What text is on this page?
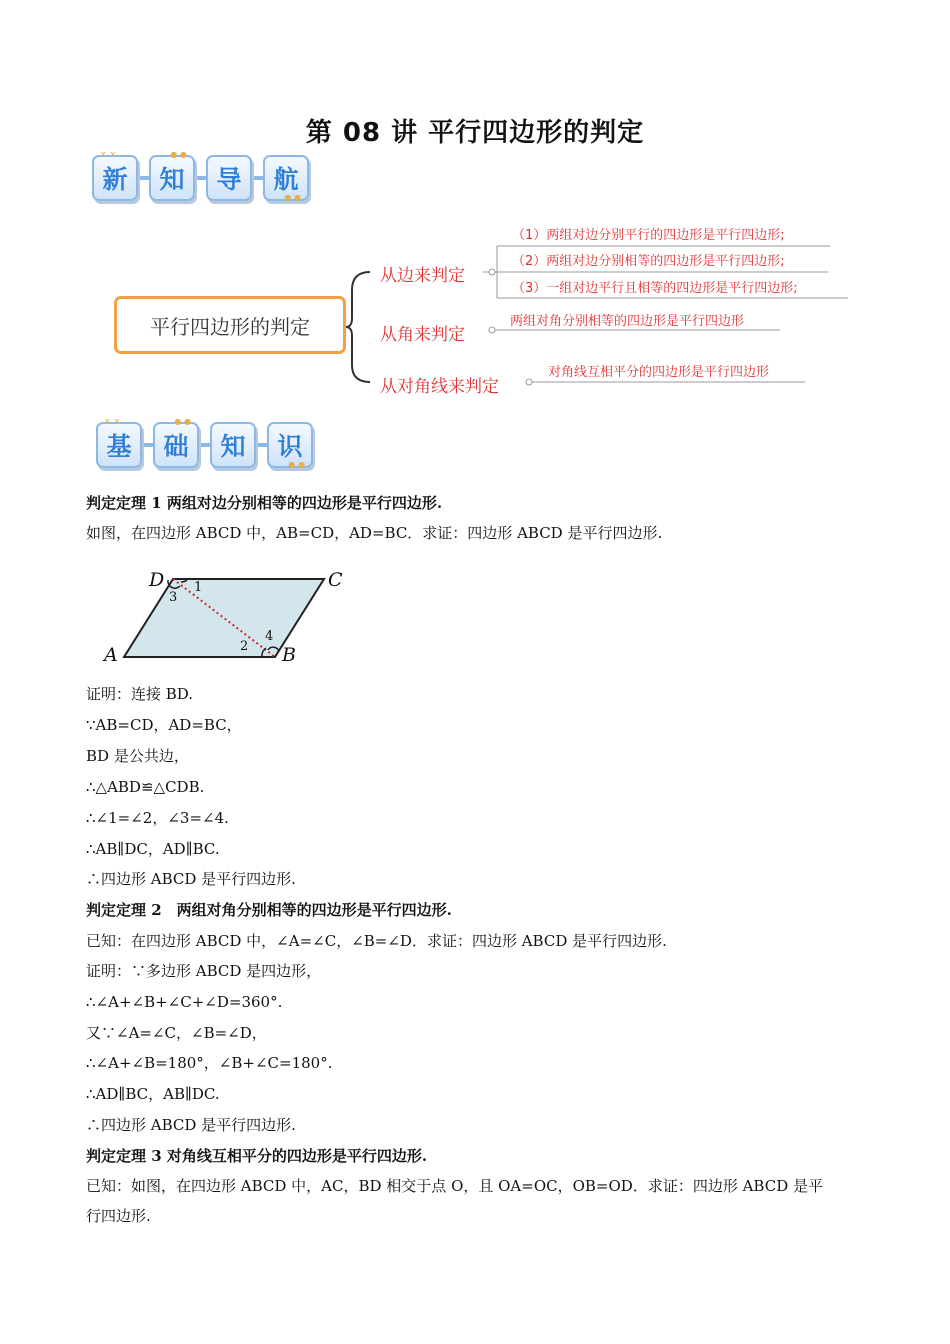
第 08 讲 平行四边形的判定
✕ ✕
新
● ●
知 导
● ●
航
平行四边形的判定
从边来判定
（1）两组对边分别平行的四边形是平行四边形;
（2）两组对边分别相等的四边形是平行四边形;
（3）一组对边平行且相等的四边形是平行四边形;
从角来判定
两组对角分别相等的四边形是平行四边形
从对角线来判定
对角线互相平分的四边形是平行四边形
✕ ✕
基
● ●
础 知
● ●
识
判定定理 1 两组对边分别相等的四边形是平行四边形.
如图，在四边形 ABCD 中，AB=CD，AD=BC．求证：四边形 ABCD 是平行四边形.
D	C
A	B
1
2
3
4
证明：连接 BD.
∵AB=CD，AD=BC，
BD 是公共边，
∴△ABD≌△CDB.
∴∠1=∠2，∠3=∠4.
∴AB∥DC，AD∥BC.
∴四边形 ABCD 是平行四边形.
判定定理 2　两组对角分别相等的四边形是平行四边形.
已知：在四边形 ABCD 中，∠A=∠C，∠B=∠D．求证：四边形 ABCD 是平行四边形.
证明：∵多边形 ABCD 是四边形，
∴∠A+∠B+∠C+∠D=360°.
又∵∠A=∠C，∠B=∠D，
∴∠A+∠B=180°，∠B+∠C=180°.
∴AD∥BC，AB∥DC.
∴四边形 ABCD 是平行四边形.
判定定理 3 对角线互相平分的四边形是平行四边形.
已知：如图，在四边形 ABCD 中，AC，BD 相交于点 O，且 OA=OC，OB=OD．求证：四边形 ABCD 是平
行四边形.
